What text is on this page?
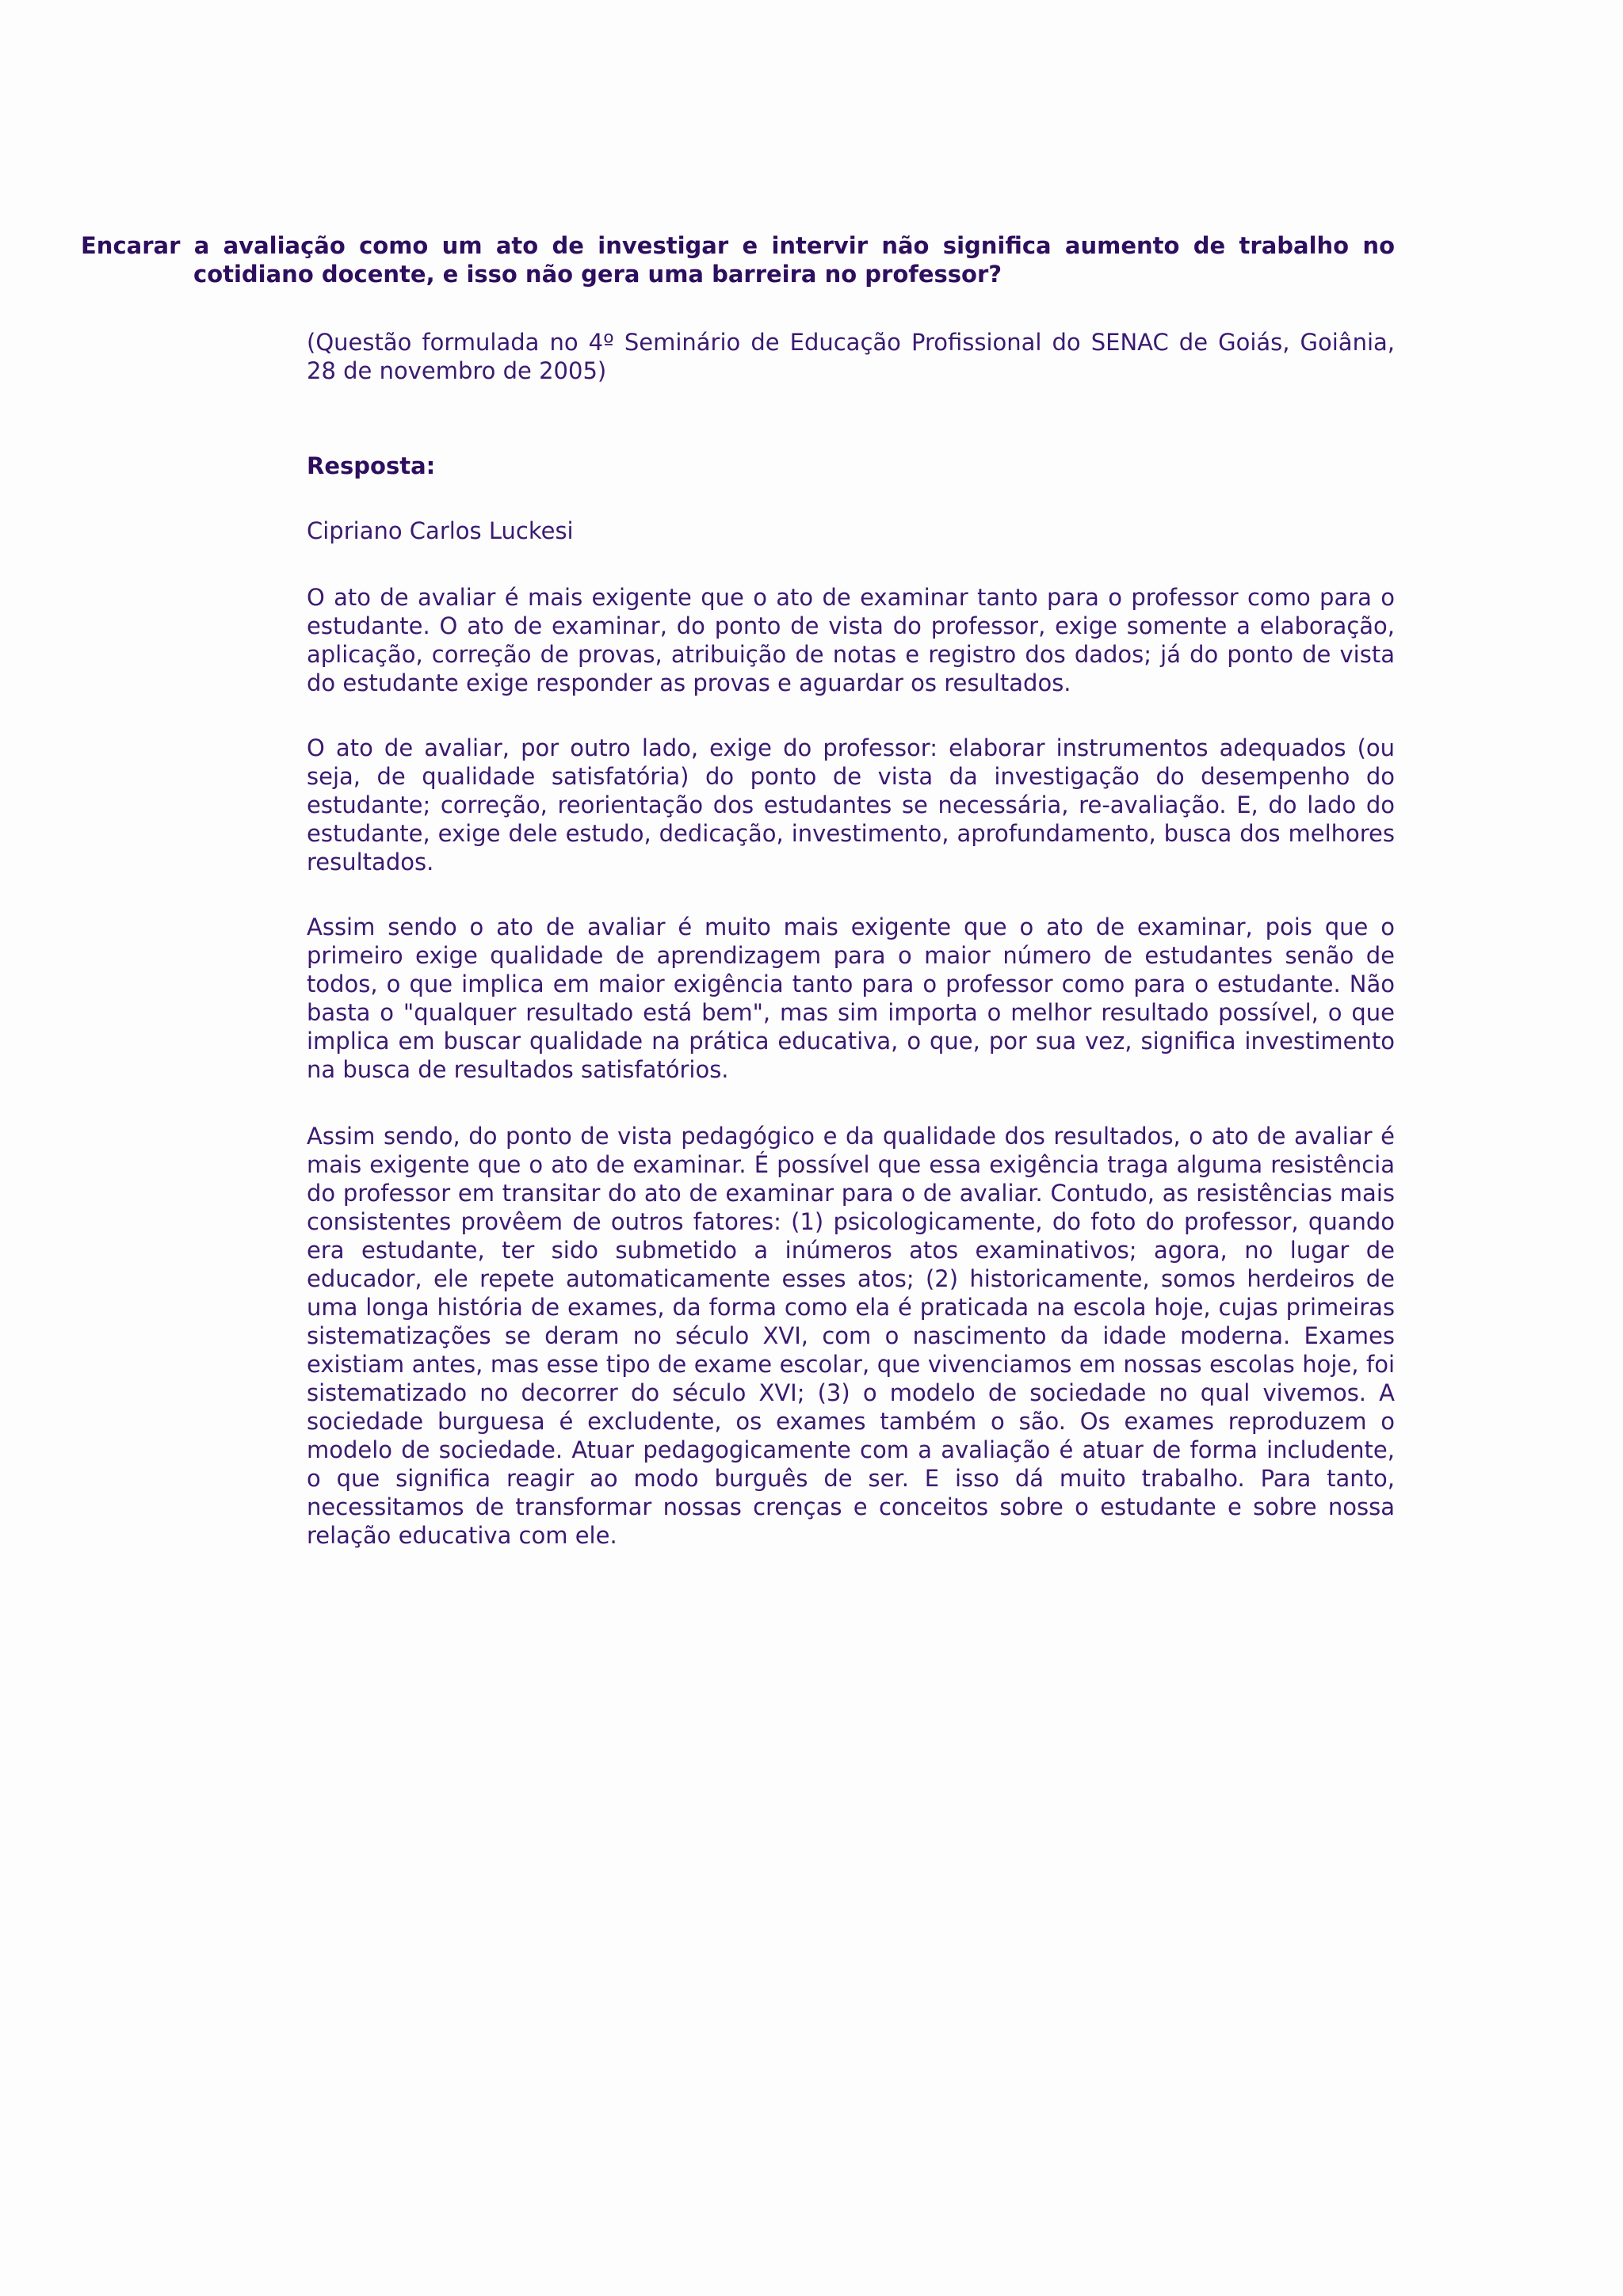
Encarar a avaliação como um ato de investigar e intervir não significa aumento de trabalho no
cotidiano docente, e isso não gera uma barreira no professor?
(Questão formulada no 4º Seminário de Educação Profissional do SENAC de Goiás, Goiânia, 28 de novembro de 2005)
Resposta:
Cipriano Carlos Luckesi
O ato de avaliar é mais exigente que o ato de examinar tanto para o professor como para o estudante. O ato de examinar, do ponto de vista do professor, exige somente a elaboração, aplicação, correção de provas, atribuição de notas e registro dos dados; já do ponto de vista do estudante exige responder as provas e aguardar os resultados.
O ato de avaliar, por outro lado, exige do professor: elaborar instrumentos adequados (ou seja, de qualidade satisfatória) do ponto de vista da investigação do desempenho do estudante; correção, reorientação dos estudantes se necessária, re-avaliação. E, do lado do estudante, exige dele estudo, dedicação, investimento, aprofundamento, busca dos melhores resultados.
Assim sendo o ato de avaliar é muito mais exigente que o ato de examinar, pois que o primeiro exige qualidade de aprendizagem para o maior número de estudantes senão de todos, o que implica em maior exigência tanto para o professor como para o estudante. Não basta o "qualquer resultado está bem", mas sim importa o melhor resultado possível, o que implica em buscar qualidade na prática educativa, o que, por sua vez, significa investimento na busca de resultados satisfatórios.
Assim sendo, do ponto de vista pedagógico e da qualidade dos resultados, o ato de avaliar é mais exigente que o ato de examinar. É possível que essa exigência traga alguma resistência do professor em transitar do ato de examinar para o de avaliar. Contudo, as resistências mais consistentes provêem de outros fatores: (1) psicologicamente, do foto do professor, quando era estudante, ter sido submetido a inúmeros atos examinativos; agora, no lugar de educador, ele repete automaticamente esses atos; (2) historicamente, somos herdeiros de uma longa história de exames, da forma como ela é praticada na escola hoje, cujas primeiras sistematizações se deram no século XVI, com o nascimento da idade moderna. Exames existiam antes, mas esse tipo de exame escolar, que vivenciamos em nossas escolas hoje, foi sistematizado no decorrer do século XVI; (3) o modelo de sociedade no qual vivemos. A sociedade burguesa é excludente, os exames também o são. Os exames reproduzem o modelo de sociedade. Atuar pedagogicamente com a avaliação é atuar de forma includente, o que significa reagir ao modo burguês de ser. E isso dá muito trabalho. Para tanto, necessitamos de transformar nossas crenças e conceitos sobre o estudante e sobre nossa relação educativa com ele.
